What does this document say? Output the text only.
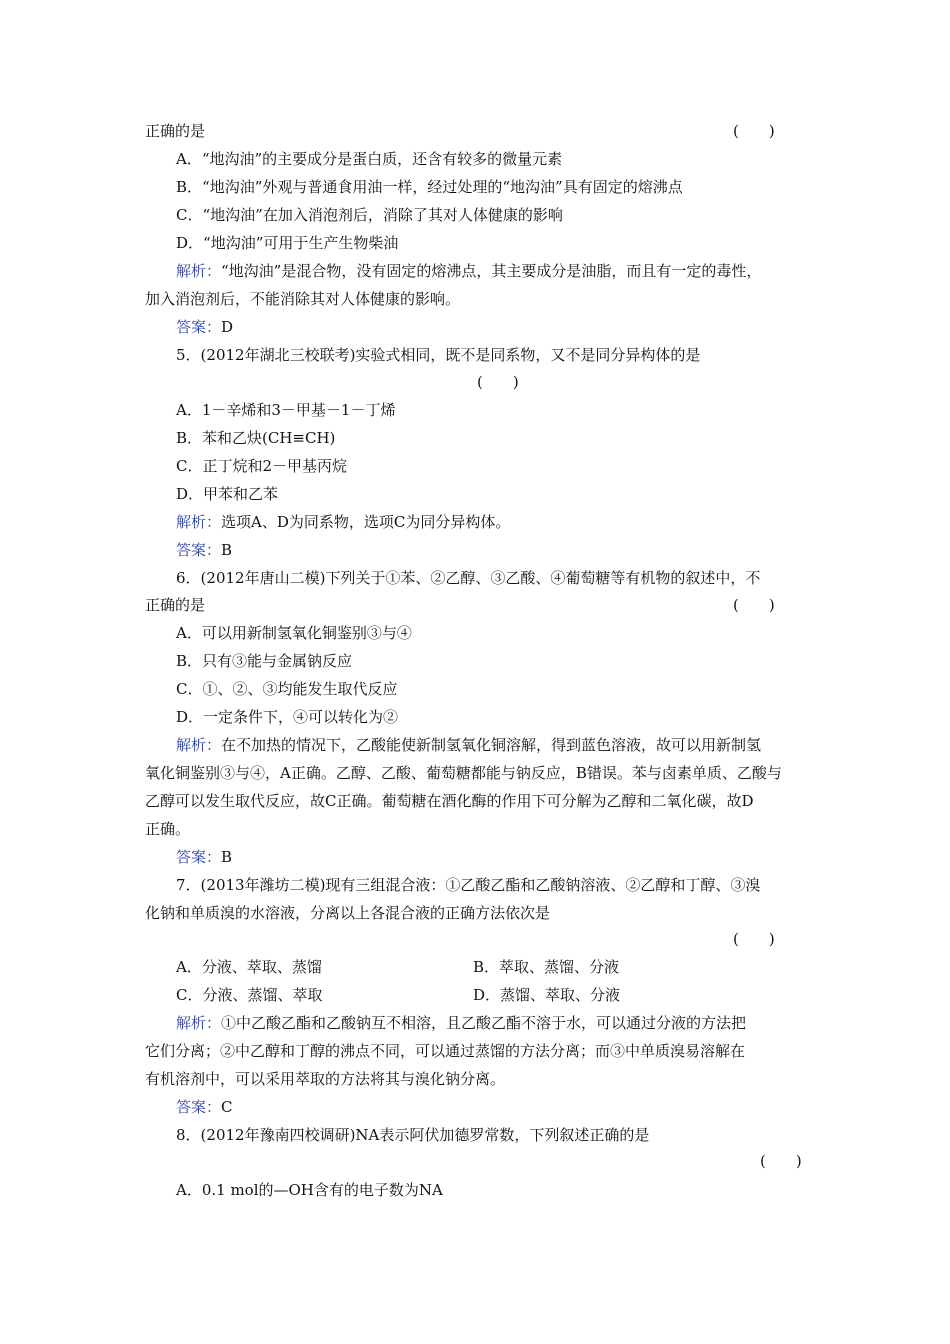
正确的是	(　　)
A．“地沟油”的主要成分是蛋白质，还含有较多的微量元素
B．“地沟油”外观与普通食用油一样，经过处理的“地沟油”具有固定的熔沸点
C．“地沟油”在加入消泡剂后，消除了其对人体健康的影响
D．“地沟油”可用于生产生物柴油
解析：“地沟油”是混合物，没有固定的熔沸点，其主要成分是油脂，而且有一定的毒性，
加入消泡剂后，不能消除其对人体健康的影响。
答案：D
5．(2012年湖北三校联考)实验式相同，既不是同系物，又不是同分异构体的是
(　　)
A．1－辛烯和3－甲基－1－丁烯
B．苯和乙炔(CH≡CH)
C．正丁烷和2－甲基丙烷
D．甲苯和乙苯
解析：选项A、D为同系物，选项C为同分异构体。
答案：B
6．(2012年唐山二模)下列关于①苯、②乙醇、③乙酸、④葡萄糖等有机物的叙述中，不
正确的是	(　　)
A．可以用新制氢氧化铜鉴别③与④
B．只有③能与金属钠反应
C．①、②、③均能发生取代反应
D．一定条件下，④可以转化为②
解析：在不加热的情况下，乙酸能使新制氢氧化铜溶解，得到蓝色溶液，故可以用新制氢
氧化铜鉴别③与④，A正确。乙醇、乙酸、葡萄糖都能与钠反应，B错误。苯与卤素单质、乙酸与
乙醇可以发生取代反应，故C正确。葡萄糖在酒化酶的作用下可分解为乙醇和二氧化碳，故D
正确。
答案：B
7．(2013年潍坊二模)现有三组混合液：①乙酸乙酯和乙酸钠溶液、②乙醇和丁醇、③溴
化钠和单质溴的水溶液，分离以上各混合液的正确方法依次是
(　　)
A．分液、萃取、蒸馏	B．萃取、蒸馏、分液
C．分液、蒸馏、萃取	D．蒸馏、萃取、分液
解析：①中乙酸乙酯和乙酸钠互不相溶，且乙酸乙酯不溶于水，可以通过分液的方法把
它们分离；②中乙醇和丁醇的沸点不同，可以通过蒸馏的方法分离；而③中单质溴易溶解在
有机溶剂中，可以采用萃取的方法将其与溴化钠分离。
答案：C
8．(2012年豫南四校调研)NA表示阿伏加德罗常数，下列叙述正确的是
(　　)
A．0.1 mol的—OH含有的电子数为NA
